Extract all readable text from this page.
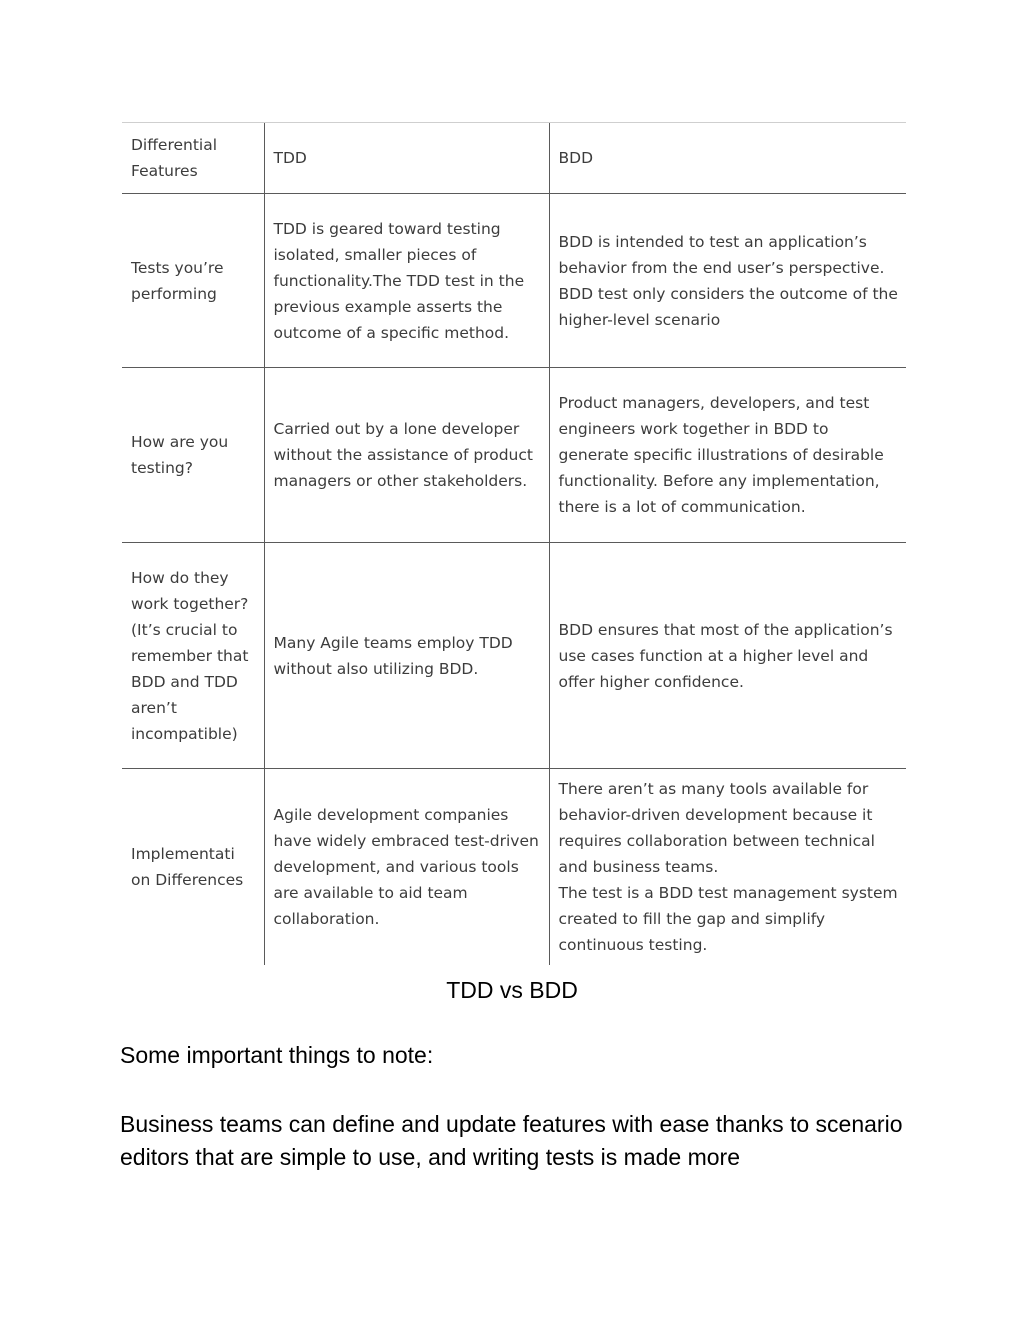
Differential Features	TDD	BDD
Tests you’re performing	TDD is geared toward testing isolated, smaller pieces of functionality.The TDD test in the previous example asserts the outcome of a specific method.	BDD is intended to test an application’s behavior from the end user’s perspective. BDD test only considers the outcome of the higher-level scenario
How are you testing?	Carried out by a lone developer without the assistance of product managers or other stakeholders.	Product managers, developers, and test engineers work together in BDD to generate specific illustrations of desirable functionality. Before any implementation, there is a lot of communication.
How do they work together? (It’s crucial to remember that BDD and TDD aren’t incompatible)	Many Agile teams employ TDD without also utilizing BDD.	BDD ensures that most of the application’s use cases function at a higher level and offer higher confidence.
Implementati on Differences	Agile development companies have widely embraced test-driven development, and various tools are available to aid team collaboration.	There aren’t as many tools available for behavior-driven development because it requires collaboration between technical and business teams.
The test is a BDD test management system created to fill the gap and simplify continuous testing.
TDD vs BDD
Some important things to note:
Business teams can define and update features with ease thanks to scenario editors that are simple to use, and writing tests is made more
